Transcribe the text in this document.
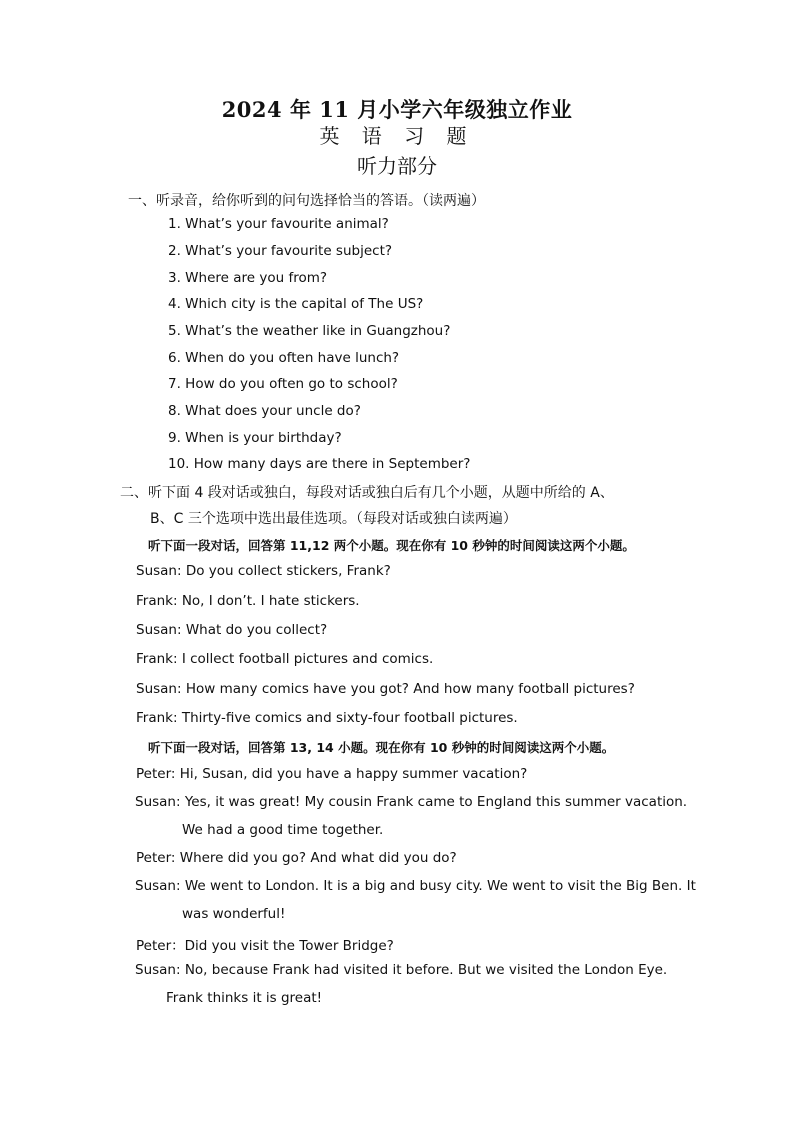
2024 年 11 月小学六年级独立作业
英 语 习 题
听力部分
一、听录音，给你听到的问句选择恰当的答语。（读两遍）
1. What’s your favourite animal?
2. What’s your favourite subject?
3. Where are you from?
4. Which city is the capital of The US?
5. What’s the weather like in Guangzhou?
6. When do you often have lunch?
7. How do you often go to school?
8. What does your uncle do?
9. When is your birthday?
10. How many days are there in September?
二、听下面 4 段对话或独白，每段对话或独白后有几个小题，从题中所给的 A、
B、C 三个选项中选出最佳选项。（每段对话或独白读两遍）
听下面一段对话，回答第 11,12 两个小题。现在你有 10 秒钟的时间阅读这两个小题。
Susan: Do you collect stickers, Frank?
Frank: No, I don’t. I hate stickers.
Susan: What do you collect?
Frank: I collect football pictures and comics.
Susan: How many comics have you got? And how many football pictures?
Frank: Thirty-five comics and sixty-four football pictures.
听下面一段对话，回答第 13, 14 小题。现在你有 10 秒钟的时间阅读这两个小题。
Peter: Hi, Susan, did you have a happy summer vacation?
Susan: Yes, it was great! My cousin Frank came to England this summer vacation.
We had a good time together.
Peter: Where did you go? And what did you do?
Susan: We went to London. It is a big and busy city. We went to visit the Big Ben. It
was wonderful!
Peter：Did you visit the Tower Bridge?
Susan: No, because Frank had visited it before. But we visited the London Eye.
Frank thinks it is great!
